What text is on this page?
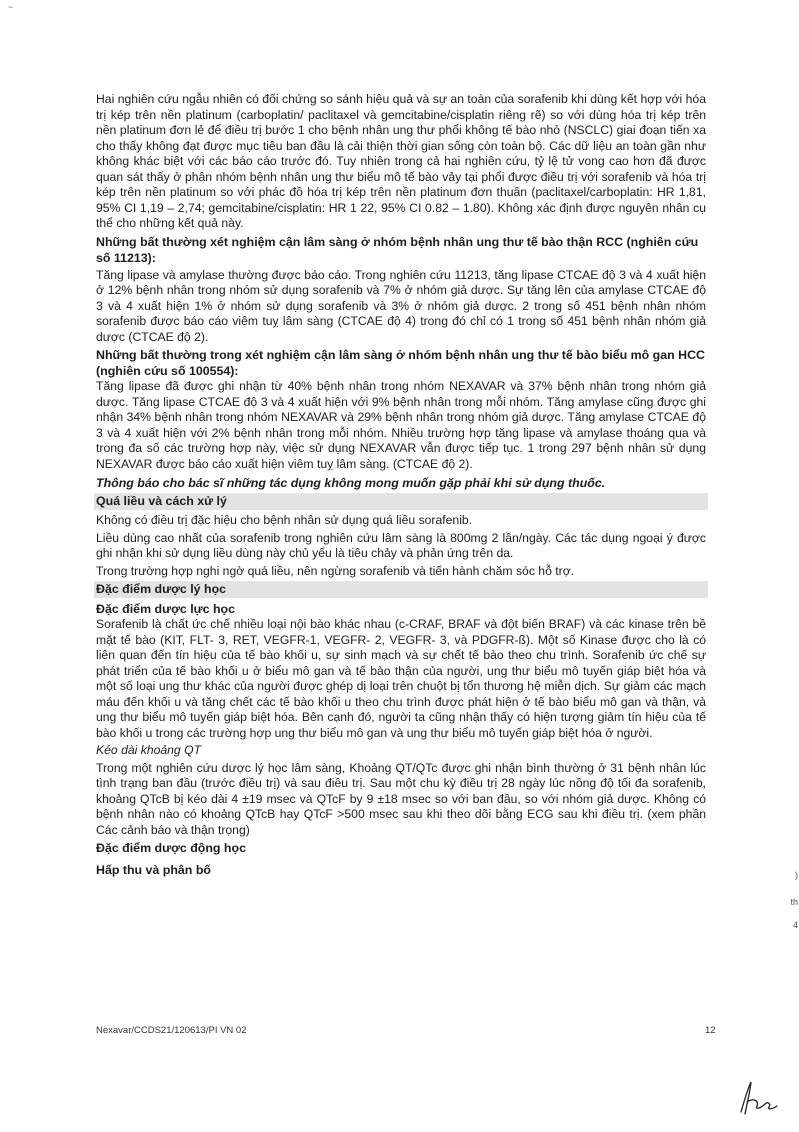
~

Hai nghiên cứu ngẫu nhiên có đối chứng so sánh hiệu quả và sự an toàn của sorafenib khi dùng kết hợp với hóa trị kép trên nền platinum (carboplatin/ paclitaxel và gemcitabine/cisplatin riêng rẽ) so với dùng hóa trị kép trên nền platinum đơn lẻ để điều trị bước 1 cho bệnh nhân ung thư phổi không tế bào nhỏ (NSCLC) giai đoạn tiến xa cho thấy không đạt được mục tiêu ban đầu là cải thiện thời gian sống còn toàn bộ. Các dữ liệu an toàn gần như không khác biệt với các báo cáo trước đó. Tuy nhiên trong cả hai nghiên cứu, tỷ lệ tử vong cao hơn đã được quan sát thấy ở phân nhóm bệnh nhân ung thư biểu mô tế bào vảy tại phổi được điều trị với sorafenib và hóa trị kép trên nền platinum so với phác đồ hóa trị kép trên nền platinum đơn thuần (paclitaxel/carboplatin: HR 1,81, 95% CI 1,19 – 2,74; gemcitabine/cisplatin: HR 1 22, 95% CI 0.82 – 1.80). Không xác định được nguyên nhân cụ thể cho những kết quả này.

Những bất thường xét nghiệm cận lâm sàng ở nhóm bệnh nhân ung thư tế bào thận RCC (nghiên cứu số 11213):

Tăng lipase và amylase thường được báo cáo. Trong nghiên cứu 11213, tăng lipase CTCAE độ 3 và 4 xuất hiện ở 12% bệnh nhân trong nhóm sử dụng sorafenib và 7% ở nhóm giả dược. Sự tăng lên của amylase CTCAE độ 3 và 4 xuất hiện 1% ở nhóm sử dụng sorafenib và 3% ở nhóm giả dược. 2 trong số 451 bệnh nhân nhóm sorafenib được báo cáo viêm tuỵ lâm sàng (CTCAE độ 4) trong đó chỉ có 1 trong số 451 bệnh nhân nhóm giả dược (CTCAE độ 2).

Những bất thường trong xét nghiệm cận lâm sàng ở nhóm bệnh nhân ung thư tế bào biểu mô gan HCC (nghiên cứu số 100554):

Tăng lipase đã được ghi nhận từ 40% bệnh nhân trong nhóm NEXAVAR và 37% bệnh nhân trong nhóm giả dược. Tăng lipase CTCAE độ 3 và 4 xuất hiện với 9% bệnh nhân trong mỗi nhóm. Tăng amylase cũng được ghi nhận 34% bệnh nhân trong nhóm NEXAVAR và 29% bệnh nhân trong nhóm giả dược. Tăng amylase CTCAE độ 3 và 4 xuất hiện với 2% bệnh nhân trong mỗi nhóm. Nhiều trường hợp tăng lipase và amylase thoáng qua và trong đa số các trường hợp này, việc sử dụng NEXAVAR vẫn được tiếp tục. 1 trong 297 bệnh nhân sử dụng NEXAVAR được báo cáo xuất hiện viêm tuỵ lâm sàng. (CTCAE độ 2).

Thông báo cho bác sĩ những tác dụng không mong muốn gặp phải khi sử dụng thuốc.
Quá liều và cách xử lý

Không có điều trị đặc hiệu cho bệnh nhân sử dụng quá liều sorafenib.

Liều dùng cao nhất của sorafenib trong nghiên cứu lâm sàng là 800mg 2 lần/ngày. Các tác dụng ngoại ý được ghi nhận khi sử dụng liều dùng này chủ yếu là tiêu chảy và phản ứng trên da.

Trong trường hợp nghi ngờ quá liều, nên ngừng sorafenib và tiến hành chăm sóc hỗ trợ.

Đặc điểm dược lý học
Đặc điểm dược lực học

Sorafenib là chất ức chế nhiều loại nội bào khác nhau (c-CRAF, BRAF và đột biến BRAF) và các kinase trên bề mặt tế bào (KIT, FLT- 3, RET, VEGFR-1, VEGFR- 2, VEGFR- 3, và PDGFR-ß). Một số Kinase được cho là có liên quan đến tín hiệu của tế bào khối u, sự sinh mạch và sự chết tế bào theo chu trình. Sorafenib ức chế sự phát triển của tế bào khối u ở biểu mô gan và tế bào thận của người, ung thư biểu mô tuyến giáp biệt hóa và một số loại ung thư khác của người được ghép dị loại trên chuột bị tổn thương hệ miễn dịch. Sự giảm các mạch máu đến khối u và tăng chết các tế bào khối u theo chu trình được phát hiện ở tế bào biểu mô gan và thận, và ung thư biểu mô tuyến giáp biệt hóa. Bên cạnh đó, người ta cũng nhận thấy có hiện tượng giảm tín hiệu của tế bào khối u trong các trường hợp ung thư biểu mô gan và ung thư biểu mô tuyến giáp biệt hóa ở người.

Kéo dài khoảng QT

Trong một nghiên cứu dược lý học lâm sàng, Khoảng QT/QTc được ghi nhận bình thường ở 31 bệnh nhân lúc tình trạng ban đầu (trước điều trị) và sau điều trị. Sau một chu kỳ điều trị 28 ngày lúc nồng độ tối đa sorafenib, khoảng QTcB bị kéo dài 4 ±19 msec và QTcF by 9 ±18 msec so với ban đầu, so với nhóm giả dược. Không có bệnh nhân nào có khoảng QTcB hay QTcF >500 msec sau khi theo dõi bằng ECG sau khi điều trị. (xem phần Các cảnh báo và thận trọng)

Đặc điểm dược động học
Hấp thu và phân bố
Nexavar/CCDS21/120613/PI VN 02	12
)
th
4
